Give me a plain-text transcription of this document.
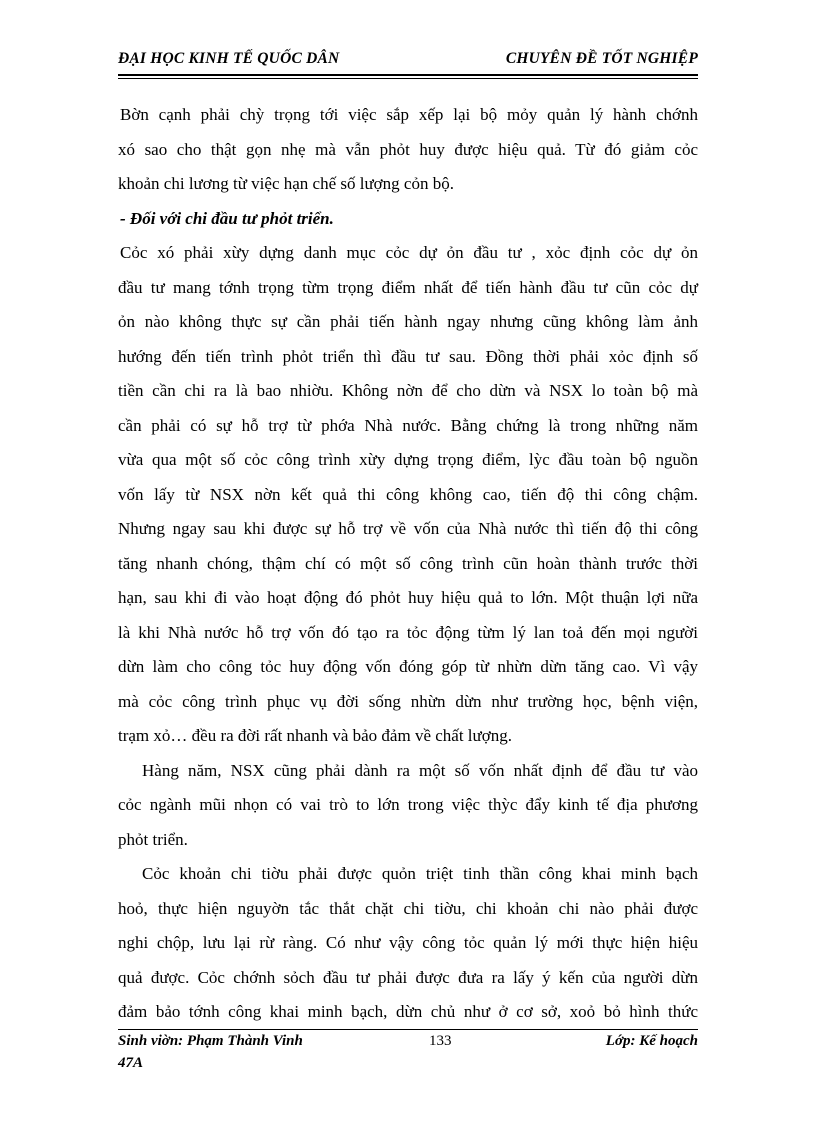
ĐẠI HỌC KINH TẾ QUỐC DÂN	CHUYÊN ĐỀ TỐT NGHIỆP
Bờn cạnh phải chỳ trọng tới việc sắp xếp lại bộ mỏy quản lý hành chớnh
xó sao cho thật gọn nhẹ mà vẫn phỏt huy được hiệu quả. Từ đó giảm cỏc
khoản chi lương từ việc hạn chế số lượng cỏn bộ.
- Đối với chi đầu tư phỏt triển.
Cỏc xó phải xừy dựng danh mục cỏc dự ỏn đầu tư , xỏc định cỏc dự ỏn
đầu tư mang tớnh trọng từm trọng điểm nhất để tiến hành đầu tư cũn cỏc dự
ỏn nào không thực sự cần phải tiến hành ngay nhưng cũng không làm ảnh
hướng đến tiến trình phỏt triển thì đầu tư sau. Đồng thời phải xỏc định số
tiền cần chi ra là bao nhiờu. Không nờn để cho dừn và NSX lo toàn bộ mà
cần phải có sự hỗ trợ từ phớa Nhà nước. Bằng chứng là trong những năm
vừa qua một số cỏc công trình xừy dựng trọng điểm, lỳc đầu toàn bộ nguồn
vốn lấy từ NSX nờn kết quả thi công không cao, tiến độ thi công chậm.
Nhưng ngay sau khi được sự hỗ trợ về vốn của Nhà nước thì tiến độ thi công
tăng nhanh chóng, thậm chí có một số công trình cũn hoàn thành trước thời
hạn, sau khi đi vào hoạt động đó phỏt huy hiệu quả to lớn. Một thuận lợi nữa
là khi Nhà nước hỗ trợ vốn đó tạo ra tỏc động từm lý lan toả đến mọi người
dừn làm cho công tỏc huy động vốn đóng góp từ nhừn dừn tăng cao. Vì vậy
mà cỏc công trình phục vụ đời sống nhừn dừn như trường học, bệnh viện,
trạm xỏ… đều ra đời rất nhanh và bảo đảm về chất lượng.
Hàng năm, NSX cũng phải dành ra một số vốn nhất định để đầu tư vào
cỏc ngành mũi nhọn có vai trò to lớn trong việc thỳc đẩy kinh tế địa phương
phỏt triển.
Cỏc khoản chi tiờu phải được quỏn triệt tinh thần công khai minh bạch
hoỏ, thực hiện nguyờn tắc thắt chặt chi tiờu, chi khoản chi nào phải được
nghi chộp, lưu lại rừ ràng. Có như vậy công tỏc quản lý mới thực hiện hiệu
quả được. Cỏc chớnh sỏch đầu tư phải được đưa ra lấy ý kến của người dừn
đảm bảo tớnh công khai minh bạch, dừn chủ như ở cơ sở, xoỏ bỏ hình thức
Sinh viờn: Phạm Thành Vinh
47A
133	Lớp: Kế hoạch
